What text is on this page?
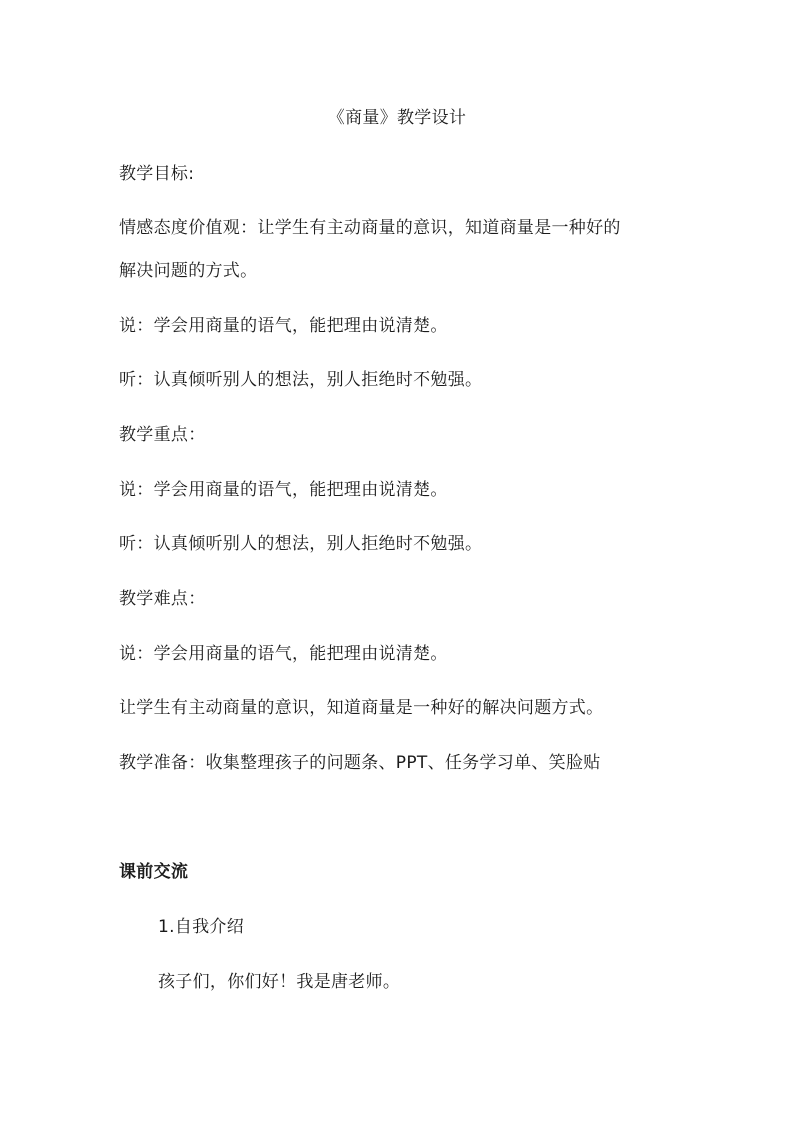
《商量》教学设计
教学目标:
情感态度价值观：让学生有主动商量的意识，知道商量是一种好的
解决问题的方式。
说：学会用商量的语气，能把理由说清楚。
听：认真倾听别人的想法，别人拒绝时不勉强。
教学重点：
说：学会用商量的语气，能把理由说清楚。
听：认真倾听别人的想法，别人拒绝时不勉强。
教学难点：
说：学会用商量的语气，能把理由说清楚。
让学生有主动商量的意识，知道商量是一种好的解决问题方式。
教学准备：收集整理孩子的问题条、PPT、任务学习单、笑脸贴
课前交流
1.自我介绍
孩子们，你们好！我是唐老师。
